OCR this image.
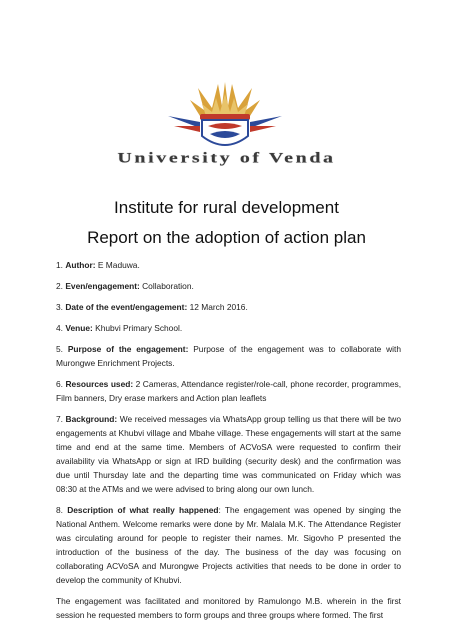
University of Venda
Institute for rural development
Report on the adoption of action plan

1. Author: E Maduwa.

2. Even/engagement: Collaboration.

3. Date of the event/engagement: 12 March 2016.

4. Venue: Khubvi Primary School.

5. Purpose of the engagement: Purpose of the engagement was to collaborate with Murongwe Enrichment Projects.

6. Resources used: 2 Cameras, Attendance register/role-call, phone recorder, programmes, Film banners, Dry erase markers and Action plan leaflets

7. Background: We received messages via WhatsApp group telling us that there will be two engagements at Khubvi village and Mbahe village. These engagements will start at the same time and end at the same time. Members of ACVoSA were requested to confirm their availability via WhatsApp or sign at IRD building (security desk) and the confirmation was due until Thursday late and the departing time was communicated on Friday which was 08:30 at the ATMs and we were advised to bring along our own lunch.

8. Description of what really happened: The engagement was opened by singing the National Anthem. Welcome remarks were done by Mr. Malala M.K. The Attendance Register was circulating around for people to register their names. Mr. Sigovho P presented the introduction of the business of the day. The business of the day was focusing on collaborating ACVoSA and Murongwe Projects activities that needs to be done in order to develop the community of Khubvi.

The engagement was facilitated and monitored by Ramulongo M.B. wherein in the first session he requested members to form groups and three groups where formed. The first
